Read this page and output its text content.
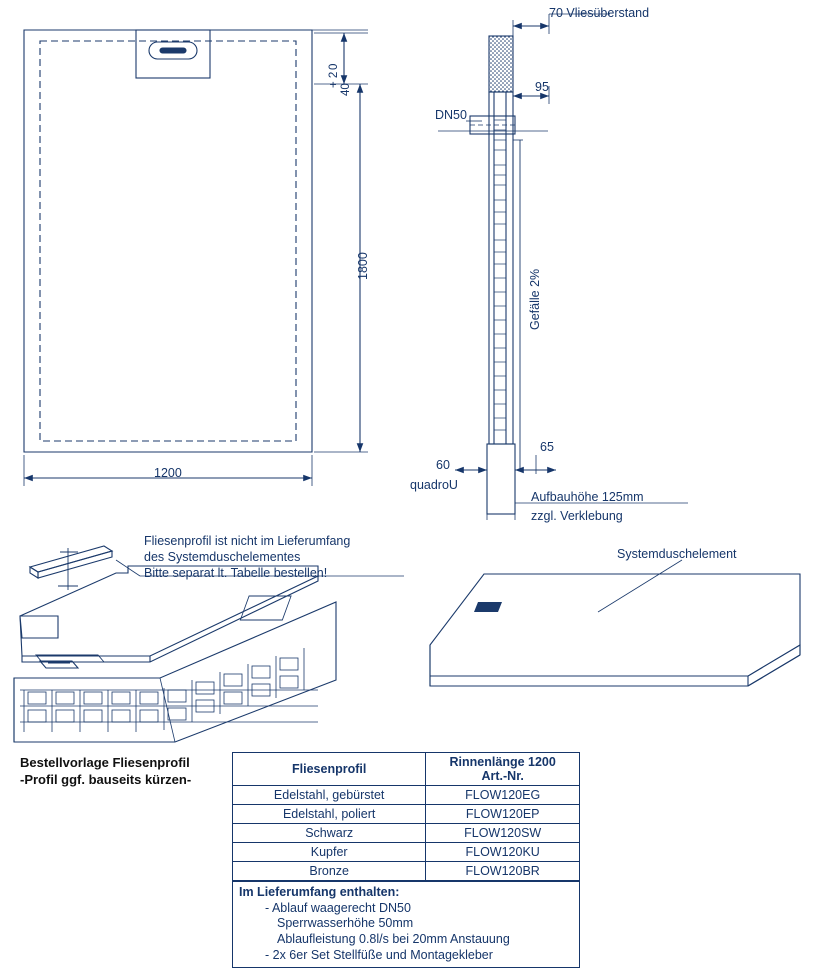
1200
1800
40
+ 2
0
70 Vliesüberstand
95
DN50
Gefälle 2%
65
60
quadroU
Aufbauhöhe 125mm
zzgl. Verklebung
Fliesenprofil ist nicht im Lieferumfang
des Systemduschelementes
Bitte separat lt. Tabelle bestellen!
Systemduschelement
Bestellvorlage Fliesenprofil
-Profil ggf. bauseits kürzen-
Fliesenprofil	Rinnenlänge 1200
Art.-Nr.

Edelstahl, gebürstet	FLOW120EG
Edelstahl, poliert	FLOW120EP
Schwarz	FLOW120SW
Kupfer	FLOW120KU
Bronze	FLOW120BR
Im Lieferumfang enthalten:
- Ablauf waagerecht DN50
Sperrwasserhöhe 50mm
Ablaufleistung 0.8l/s bei 20mm Anstauung
- 2x 6er Set Stellfüße und Montagekleber
